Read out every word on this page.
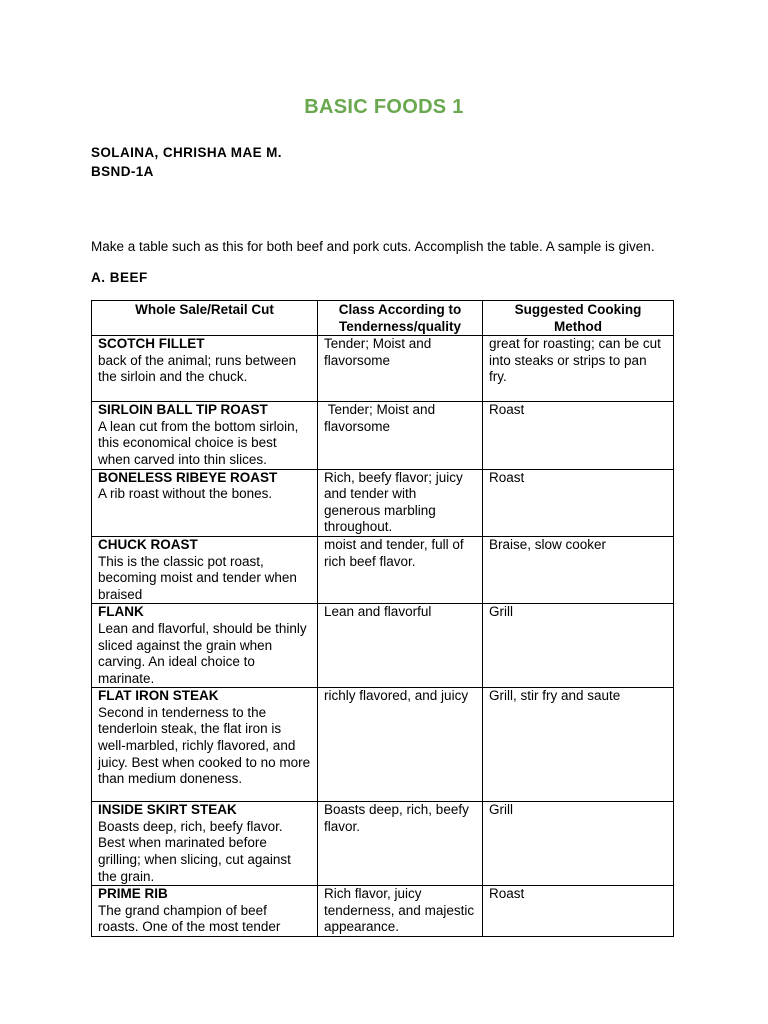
BASIC FOODS 1
SOLAINA, CHRISHA MAE M.
BSND-1A
Make a table such as this for both beef and pork cuts. Accomplish the table. A sample is given.
A. BEEF
Whole Sale/Retail Cut	Class According to Tenderness/quality	Suggested Cooking Method

SCOTCH FILLET
back of the animal; runs between the sirloin and the chuck.	Tender; Moist and flavorsome	great for roasting; can be cut into steaks or strips to pan fry.

SIRLOIN BALL TIP ROAST
A lean cut from the bottom sirloin, this economical choice is best when carved into thin slices.	Tender; Moist and flavorsome	Roast

BONELESS RIBEYE ROAST
A rib roast without the bones.	Rich, beefy flavor; juicy and tender with generous marbling throughout.	Roast

CHUCK ROAST
This is the classic pot roast, becoming moist and tender when braised	moist and tender, full of rich beef flavor.	Braise, slow cooker

FLANK
Lean and flavorful, should be thinly sliced against the grain when carving. An ideal choice to marinate.	Lean and flavorful	Grill

FLAT IRON STEAK
Second in tenderness to the tenderloin steak, the flat iron is well-marbled, richly flavored, and juicy. Best when cooked to no more than medium doneness.	richly flavored, and juicy	Grill, stir fry and saute

INSIDE SKIRT STEAK
Boasts deep, rich, beefy flavor. Best when marinated before grilling; when slicing, cut against the grain.	Boasts deep, rich, beefy flavor.	Grill

PRIME RIB
The grand champion of beef roasts. One of the most tender	Rich flavor, juicy tenderness, and majestic appearance.	Roast
